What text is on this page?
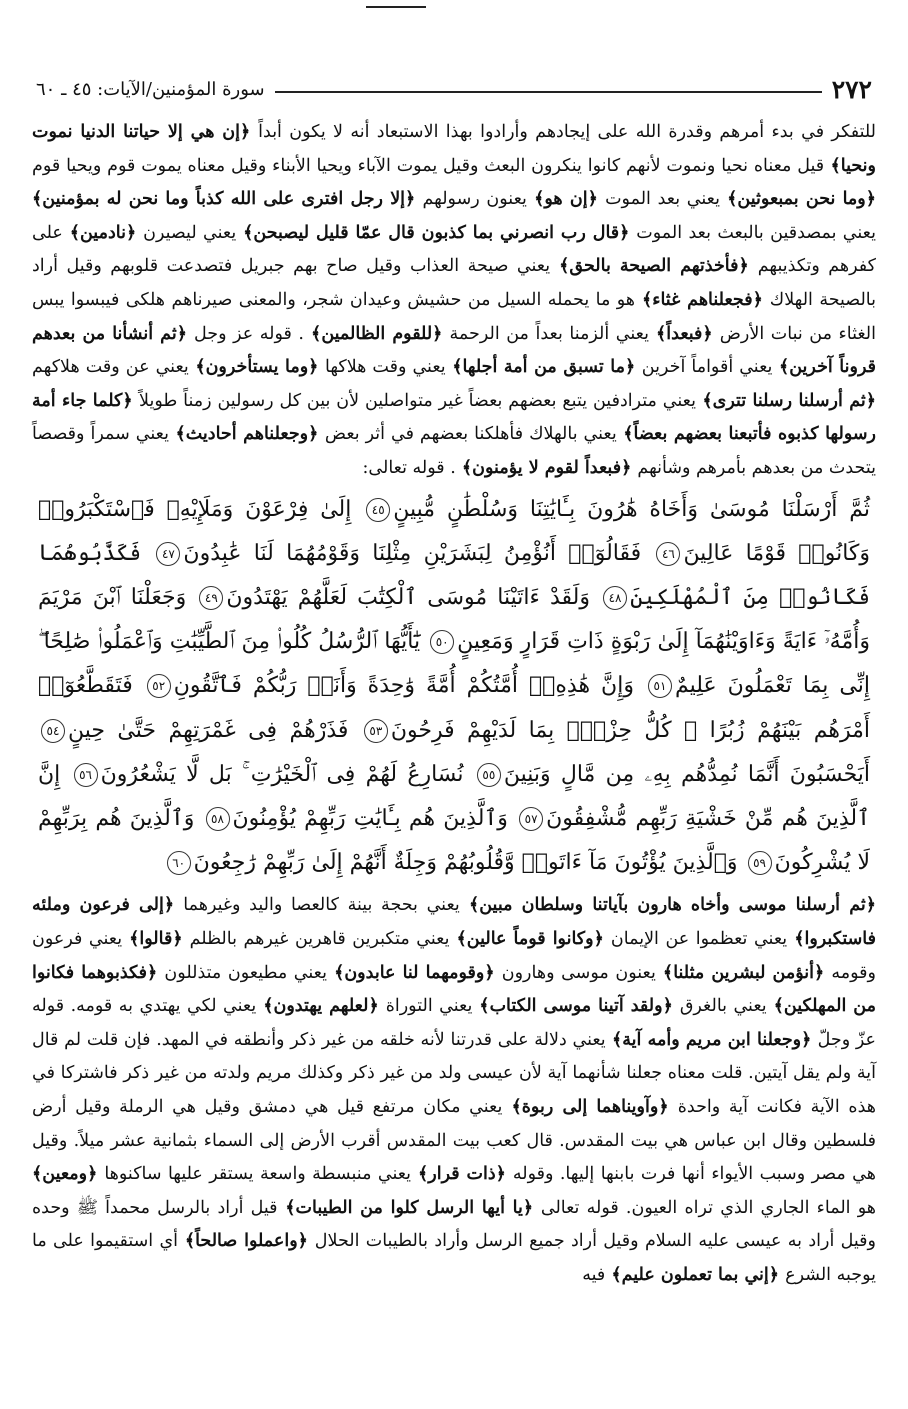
٢٧٢
سورة المؤمنين/الآيات: ٤٥ ـ ٦٠

للتفكر في بدء أمرهم وقدرة الله على إيجادهم وأرادوا بهذا الاستبعاد أنه لا يكون أبداً ﴿إن هي إلا حياتنا الدنيا نموت ونحيا﴾ قيل معناه نحيا ونموت لأنهم كانوا ينكرون البعث وقيل يموت الآباء ويحيا الأبناء وقيل معناه يموت قوم ويحيا قوم ﴿وما نحن بمبعوثين﴾ يعني بعد الموت ﴿إن هو﴾ يعنون رسولهم ﴿إلا رجل افترى على الله كذباً وما نحن له بمؤمنين﴾ يعني بمصدقين بالبعث بعد الموت ﴿قال رب انصرني بما كذبون قال عمّا قليل ليصبحن﴾ يعني ليصيرن ﴿نادمين﴾ على كفرهم وتكذيبهم ﴿فأخذتهم الصيحة بالحق﴾ يعني صيحة العذاب وقيل صاح بهم جبريل فتصدعت قلوبهم وقيل أراد بالصيحة الهلاك ﴿فجعلناهم غثاء﴾ هو ما يحمله السيل من حشيش وعيدان شجر، والمعنى صيرناهم هلكى فيبسوا يبس الغثاء من نبات الأرض ﴿فبعداً﴾ يعني ألزمنا بعداً من الرحمة ﴿للقوم الظالمين﴾ . قوله عز وجل ﴿ثم أنشأنا من بعدهم قروناً آخرين﴾ يعني أقواماً آخرين ﴿ما تسبق من أمة أجلها﴾ يعني وقت هلاكها ﴿وما يستأخرون﴾ يعني عن وقت هلاكهم ﴿ثم أرسلنا رسلنا تترى﴾ يعني مترادفين يتبع بعضهم بعضاً غير متواصلين لأن بين كل رسولين زمناً طويلاً ﴿كلما جاء أمة رسولها كذبوه فأتبعنا بعضهم بعضاً﴾ يعني بالهلاك فأهلكنا بعضهم في أثر بعض ﴿وجعلناهم أحاديث﴾ يعني سمراً وقصصاً يتحدث من بعدهم بأمرهم وشأنهم ﴿فبعداً لقوم لا يؤمنون﴾ . قوله تعالى:

ثُمَّ أَرْسَلْنَا مُوسَىٰ وَأَخَاهُ هَٰرُونَ بِـَٔايَٰتِنَا وَسُلْطَٰنٍ مُّبِينٍ٤٥ إِلَىٰ فِرْعَوْنَ وَمَلَإِيْهِۦ فَٱسْتَكْبَرُوا۟ وَكَانُوا۟ قَوْمًا عَالِينَ٤٦ فَقَالُوٓا۟ أَنُؤْمِنُ لِبَشَرَيْنِ مِثْلِنَا وَقَوْمُهُمَا لَنَا عَٰبِدُونَ٤٧ فَكَذَّبُوهُمَا فَكَانُوا۟ مِنَ ٱلْمُهْلَكِينَ٤٨ وَلَقَدْ ءَاتَيْنَا مُوسَى ٱلْكِتَٰبَ لَعَلَّهُمْ يَهْتَدُونَ٤٩ وَجَعَلْنَا ٱبْنَ مَرْيَمَ وَأُمَّهُۥٓ ءَايَةً وَءَاوَيْنَٰهُمَآ إِلَىٰ رَبْوَةٍ ذَاتِ قَرَارٍ وَمَعِينٍ٥٠ يَٰٓأَيُّهَا ٱلرُّسُلُ كُلُوا۟ مِنَ ٱلطَّيِّبَٰتِ وَٱعْمَلُوا۟ صَٰلِحًا ۖ إِنِّى بِمَا تَعْمَلُونَ عَلِيمٌ٥١ وَإِنَّ هَٰذِهِۦٓ أُمَّتُكُمْ أُمَّةً وَٰحِدَةً وَأَنَا۠ رَبُّكُمْ فَٱتَّقُونِ٥٢ فَتَقَطَّعُوٓا۟ أَمْرَهُم بَيْنَهُمْ زُبُرًا ۖ كُلُّ حِزْبٍۭ بِمَا لَدَيْهِمْ فَرِحُونَ٥٣ فَذَرْهُمْ فِى غَمْرَتِهِمْ حَتَّىٰ حِينٍ٥٤ أَيَحْسَبُونَ أَنَّمَا نُمِدُّهُم بِهِۦ مِن مَّالٍ وَبَنِينَ٥٥ نُسَارِعُ لَهُمْ فِى ٱلْخَيْرَٰتِ ۚ بَل لَّا يَشْعُرُونَ٥٦ إِنَّ ٱلَّذِينَ هُم مِّنْ خَشْيَةِ رَبِّهِم مُّشْفِقُونَ٥٧ وَٱلَّذِينَ هُم بِـَٔايَٰتِ رَبِّهِمْ يُؤْمِنُونَ٥٨ وَٱلَّذِينَ هُم بِرَبِّهِمْ لَا يُشْرِكُونَ٥٩ وَٱلَّذِينَ يُؤْتُونَ مَآ ءَاتَوا۟ وَّقُلُوبُهُمْ وَجِلَةٌ أَنَّهُمْ إِلَىٰ رَبِّهِمْ رَٰجِعُونَ٦٠

﴿ثم أرسلنا موسى وأخاه هارون بآياتنا وسلطان مبين﴾ يعني بحجة بينة كالعصا واليد وغيرهما ﴿إلى فرعون وملئه فاستكبروا﴾ يعني تعظموا عن الإيمان ﴿وكانوا قوماً عالين﴾ يعني متكبرين قاهرين غيرهم بالظلم ﴿قالوا﴾ يعني فرعون وقومه ﴿أنؤمن لبشرين مثلنا﴾ يعنون موسى وهارون ﴿وقومهما لنا عابدون﴾ يعني مطيعون متذللون ﴿فكذبوهما فكانوا من المهلكين﴾ يعني بالغرق ﴿ولقد آتينا موسى الكتاب﴾ يعني التوراة ﴿لعلهم يهتدون﴾ يعني لكي يهتدي به قومه. قوله عزّ وجلّ ﴿وجعلنا ابن مريم وأمه آية﴾ يعني دلالة على قدرتنا لأنه خلقه من غير ذكر وأنطقه في المهد. فإن قلت لم قال آية ولم يقل آيتين. قلت معناه جعلنا شأنهما آية لأن عيسى ولد من غير ذكر وكذلك مريم ولدته من غير ذكر فاشتركا في هذه الآية فكانت آية واحدة ﴿وآويناهما إلى ربوة﴾ يعني مكان مرتفع قيل هي دمشق وقيل هي الرملة وقيل أرض فلسطين وقال ابن عباس هي بيت المقدس. قال كعب بيت المقدس أقرب الأرض إلى السماء بثمانية عشر ميلاً. وقيل هي مصر وسبب الأيواء أنها فرت بابنها إليها. وقوله ﴿ذات قرار﴾ يعني منبسطة واسعة يستقر عليها ساكنوها ﴿ومعين﴾ هو الماء الجاري الذي تراه العيون. قوله تعالى ﴿يا أيها الرسل كلوا من الطيبات﴾ قيل أراد بالرسل محمداً ﷺ وحده وقيل أراد به عيسى عليه السلام وقيل أراد جميع الرسل وأراد بالطيبات الحلال ﴿واعملوا صالحاً﴾ أي استقيموا على ما يوجبه الشرع ﴿إني بما تعملون عليم﴾ فيه
